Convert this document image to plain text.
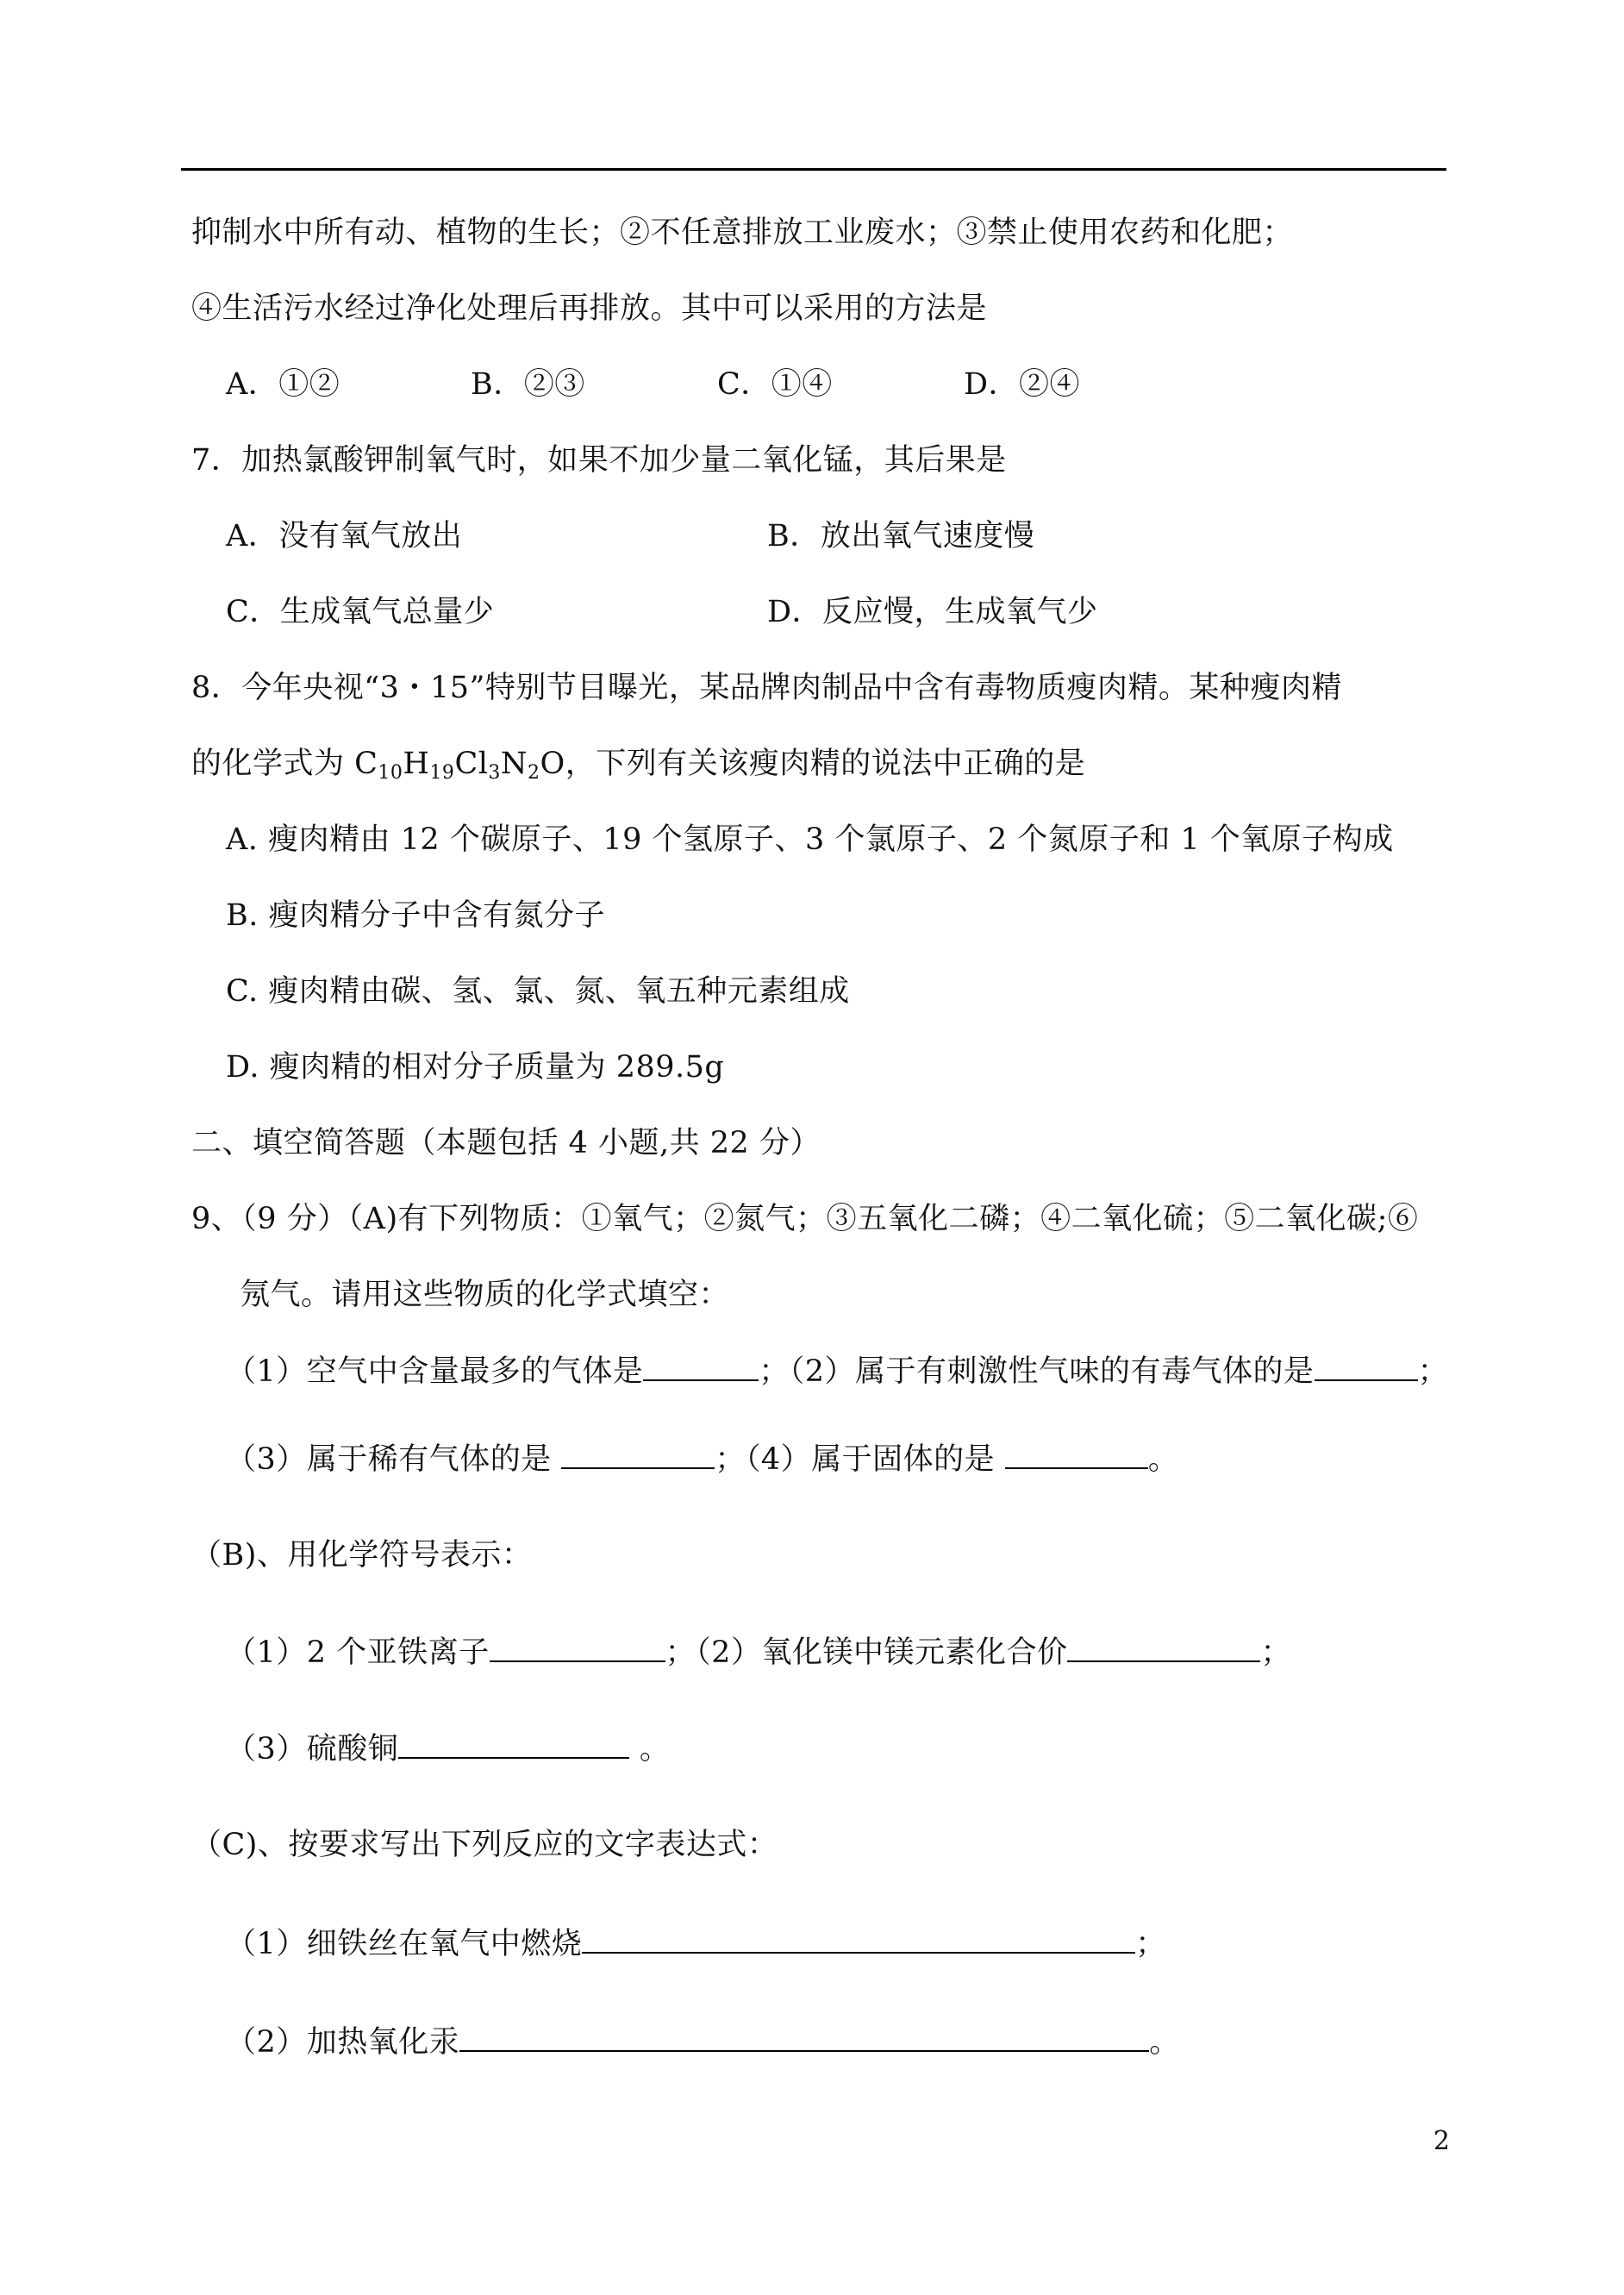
抑制水中所有动、植物的生长；②不任意排放工业废水；③禁止使用农药和化肥；
④生活污水经过净化处理后再排放。其中可以采用的方法是
A．①②	B．②③	C．①④	D．②④
7．加热氯酸钾制氧气时，如果不加少量二氧化锰，其后果是
A．没有氧气放出	B．放出氧气速度慢
C．生成氧气总量少	D．反应慢，生成氧气少
8．今年央视“3・15”特别节目曝光，某品牌肉制品中含有毒物质瘦肉精。某种瘦肉精
的化学式为 $C_{10}H_{19}Cl_3N_2O$，下列有关该瘦肉精的说法中正确的是
A. 瘦肉精由 12 个碳原子、19 个氢原子、3 个氯原子、2 个氮原子和 1 个氧原子构成
B. 瘦肉精分子中含有氮分子
C. 瘦肉精由碳、氢、氯、氮、氧五种元素组成
D. 瘦肉精的相对分子质量为 289.5g
二、填空简答题（本题包括 4 小题,共 22 分）
9、（9 分）（A)有下列物质：①氧气；②氮气；③五氧化二磷；④二氧化硫；⑤二氧化碳;⑥
氖气。请用这些物质的化学式填空：
（1）空气中含量最多的气体是	；（2）属于有刺激性气味的有毒气体的是	；
（3）属于稀有气体的是	；（4）属于固体的是	。
（B)、用化学符号表示：
（1）2 个亚铁离子	；（2）氧化镁中镁元素化合价	；
（3）硫酸铜	。
（C)、按要求写出下列反应的文字表达式：
（1）细铁丝在氧气中燃烧	；
（2）加热氧化汞	。
2
